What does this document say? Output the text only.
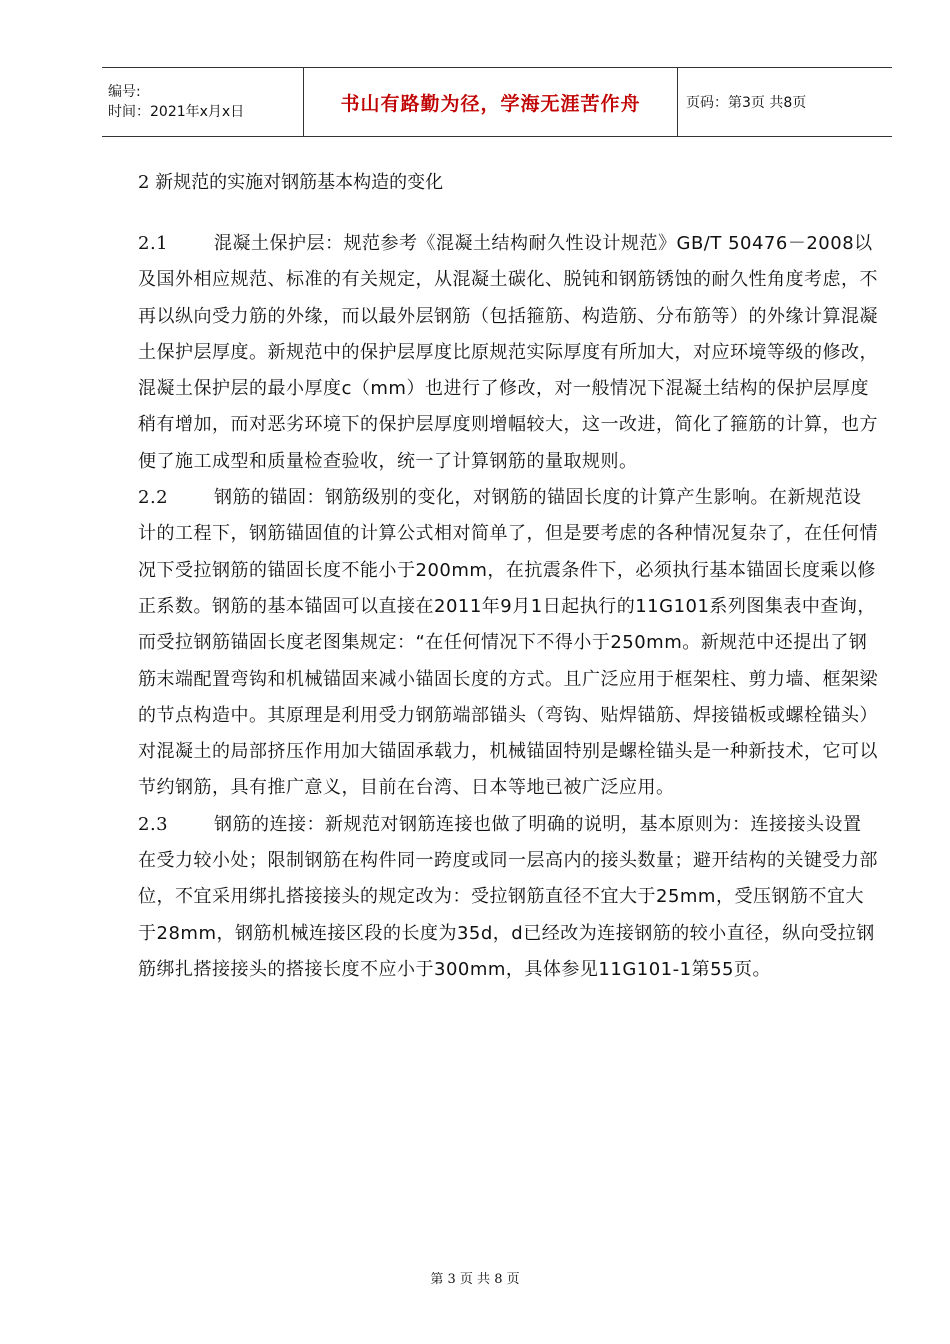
编号:
时间：2021年x月x日	书山有路勤为径，学海无涯苦作舟	页码：第3页 共8页
2 新规范的实施对钢筋基本构造的变化

2.1	混凝土保护层：规范参考《混凝土结构耐久性设计规范》GB/T 50476－2008以及国外相应规范、标准的有关规定，从混凝土碳化、脱钝和钢筋锈蚀的耐久性角度考虑，不再以纵向受力筋的外缘，而以最外层钢筋（包括箍筋、构造筋、分布筋等）的外缘计算混凝土保护层厚度。新规范中的保护层厚度比原规范实际厚度有所加大，对应环境等级的修改，混凝土保护层的最小厚度c（mm）也进行了修改，对一般情况下混凝土结构的保护层厚度稍有增加，而对恶劣环境下的保护层厚度则增幅较大，这一改进，简化了箍筋的计算，也方便了施工成型和质量检查验收，统一了计算钢筋的量取规则。

2.2	钢筋的锚固：钢筋级别的变化，对钢筋的锚固长度的计算产生影响。在新规范设计的工程下，钢筋锚固值的计算公式相对简单了，但是要考虑的各种情况复杂了，在任何情况下受拉钢筋的锚固长度不能小于200mm，在抗震条件下，必须执行基本锚固长度乘以修正系数。钢筋的基本锚固可以直接在2011年9月1日起执行的11G101系列图集表中查询，而受拉钢筋锚固长度老图集规定：“在任何情况下不得小于250mm。新规范中还提出了钢筋末端配置弯钩和机械锚固来减小锚固长度的方式。且广泛应用于框架柱、剪力墙、框架梁的节点构造中。其原理是利用受力钢筋端部锚头（弯钩、贴焊锚筋、焊接锚板或螺栓锚头）对混凝土的局部挤压作用加大锚固承载力，机械锚固特别是螺栓锚头是一种新技术，它可以节约钢筋，具有推广意义，目前在台湾、日本等地已被广泛应用。

2.3	钢筋的连接：新规范对钢筋连接也做了明确的说明，基本原则为：连接接头设置在受力较小处；限制钢筋在构件同一跨度或同一层高内的接头数量；避开结构的关键受力部位，不宜采用绑扎搭接接头的规定改为：受拉钢筋直径不宜大于25mm，受压钢筋不宜大于28mm，钢筋机械连接区段的长度为35d，d已经改为连接钢筋的较小直径，纵向受拉钢筋绑扎搭接接头的搭接长度不应小于300mm，具体参见11G101-1第55页。

第 3 页 共 8 页
